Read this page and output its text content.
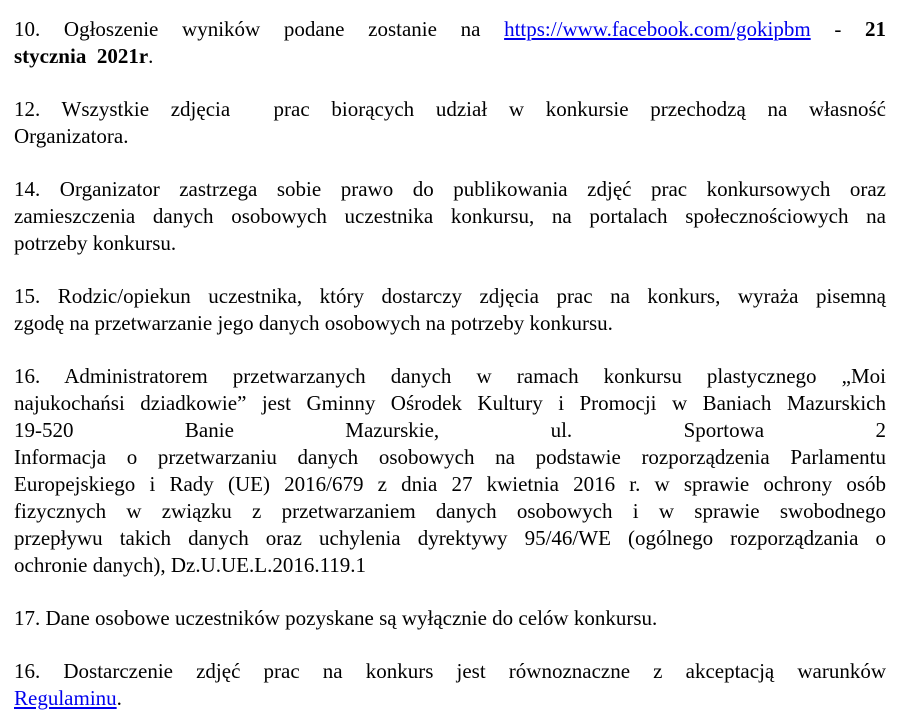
10. Ogłoszenie wyników podane zostanie na https://www.facebook.com/gokipbm - 21
stycznia  2021r.
12. Wszystkie zdjęcia  prac biorących udział w konkursie przechodzą na własność
Organizatora.
14. Organizator zastrzega sobie prawo do publikowania zdjęć prac konkursowych oraz
zamieszczenia danych osobowych uczestnika konkursu, na portalach społecznościowych na
potrzeby konkursu.
15. Rodzic/opiekun uczestnika, który dostarczy zdjęcia prac na konkurs, wyraża pisemną
zgodę na przetwarzanie jego danych osobowych na potrzeby konkursu.
16. Administratorem przetwarzanych danych w ramach konkursu plastycznego „Moi
najukochańsi dziadkowie” jest Gminny Ośrodek Kultury i Promocji w Baniach Mazurskich
19-520 Banie Mazurskie, ul. Sportowa 2
Informacja o przetwarzaniu danych osobowych na podstawie rozporządzenia Parlamentu
Europejskiego i Rady (UE) 2016/679 z dnia 27 kwietnia 2016 r. w sprawie ochrony osób
fizycznych w związku z przetwarzaniem danych osobowych i w sprawie swobodnego
przepływu takich danych oraz uchylenia dyrektywy 95/46/WE (ogólnego rozporządzania o
ochronie danych), Dz.U.UE.L.2016.119.1
17. Dane osobowe uczestników pozyskane są wyłącznie do celów konkursu.
16. Dostarczenie zdjęć prac na konkurs jest równoznaczne z akceptacją warunków
Regulaminu.
